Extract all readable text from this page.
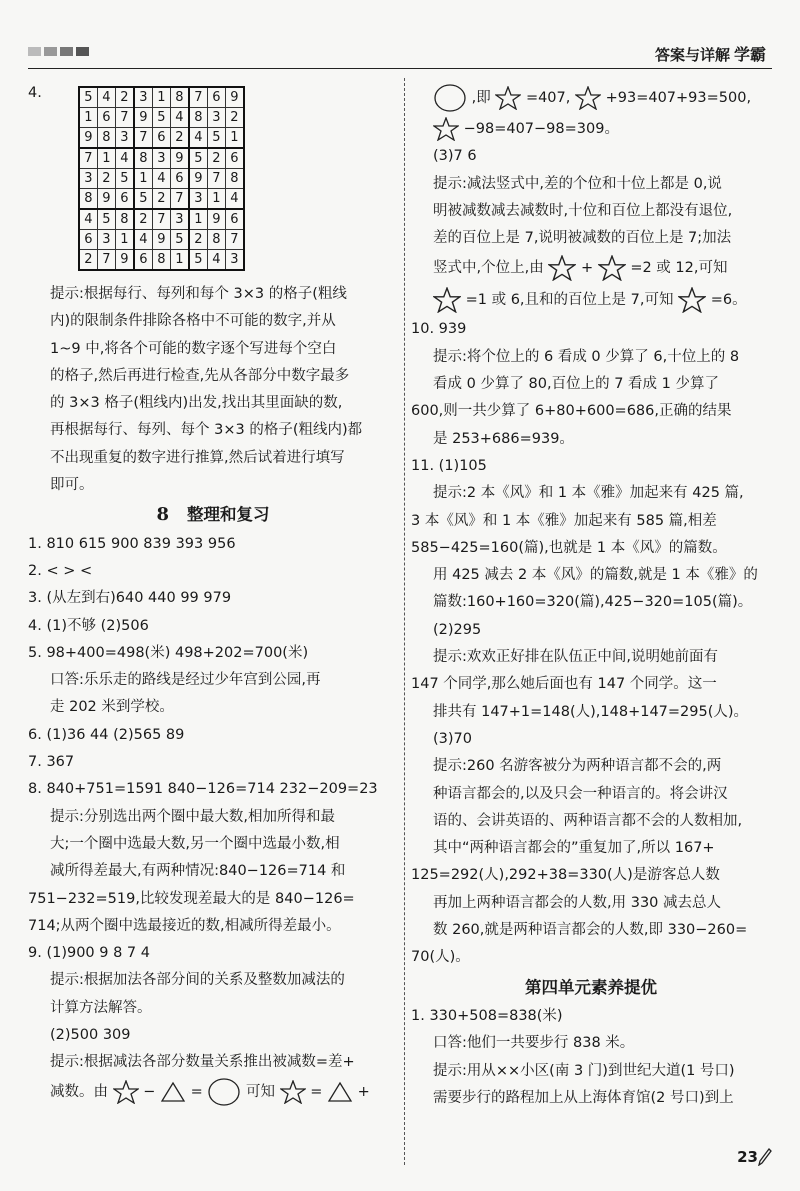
答案与详解 学霸
4.	5	4	2	3	1	8	7	6	9
1	6	7	9	5	4	8	3	2
9	8	3	7	6	2	4	5	1
7	1	4	8	3	9	5	2	6
3	2	5	1	4	6	9	7	8
8	9	6	5	2	7	3	1	4
4	5	8	2	7	3	1	9	6
6	3	1	4	9	5	2	8	7
2	7	9	6	8	1	5	4	3
提示:根据每行、每列和每个 3×3 的格子(粗线
内)的限制条件排除各格中不可能的数字,并从
1~9 中,将各个可能的数字逐个写进每个空白
的格子,然后再进行检查,先从各部分中数字最多
的 3×3 格子(粗线内)出发,找出其里面缺的数,
再根据每行、每列、每个 3×3 的格子(粗线内)都
不出现重复的数字进行推算,然后试着进行填写
即可。
8 整理和复习
1. 810 615 900 839 393 956
2. < > <
3. (从左到右)640 440 99 979
4. (1)不够 (2)506
5. 98+400=498(米) 498+202=700(米)
口答:乐乐走的路线是经过少年宫到公园,再
走 202 米到学校。
6. (1)36 44 (2)565 89
7. 367
8. 840+751=1591 840−126=714 232−209=23
提示:分别选出两个圈中最大数,相加所得和最
大;一个圈中选最大数,另一个圈中选最小数,相
减所得差最大,有两种情况:840−126=714 和
751−232=519,比较发现差最大的是 840−126=
714;从两个圈中选最接近的数,相减所得差最小。
9. (1)900 9 8 7 4
提示:根据加法各部分间的关系及整数加减法的
计算方法解答。
(2)500 309
提示:根据减法各部分数量关系推出被减数=差+
减数。由 − =	可知 = +
,即 =407, +93=407+93=500,
−98=407−98=309。
(3)7 6
提示:减法竖式中,差的个位和十位上都是 0,说
明被减数减去减数时,十位和百位上都没有退位,
差的百位上是 7,说明被减数的百位上是 7;加法
竖式中,个位上,由	+	=2 或 12,可知
=1 或 6,且和的百位上是 7,可知	=6。
10. 939
提示:将个位上的 6 看成 0 少算了 6,十位上的 8
看成 0 少算了 80,百位上的 7 看成 1 少算了
600,则一共少算了 6+80+600=686,正确的结果
是 253+686=939。
11. (1)105
提示:2 本《风》和 1 本《雅》加起来有 425 篇,
3 本《风》和 1 本《雅》加起来有 585 篇,相差
585−425=160(篇),也就是 1 本《风》的篇数。
用 425 减去 2 本《风》的篇数,就是 1 本《雅》的
篇数:160+160=320(篇),425−320=105(篇)。
(2)295
提示:欢欢正好排在队伍正中间,说明她前面有
147 个同学,那么她后面也有 147 个同学。这一
排共有 147+1=148(人),148+147=295(人)。
(3)70
提示:260 名游客被分为两种语言都不会的,两
种语言都会的,以及只会一种语言的。将会讲汉
语的、会讲英语的、两种语言都不会的人数相加,
其中“两种语言都会的”重复加了,所以 167+
125=292(人),292+38=330(人)是游客总人数
再加上两种语言都会的人数,用 330 减去总人
数 260,就是两种语言都会的人数,即 330−260=
70(人)。
第四单元素养提优
1. 330+508=838(米)
口答:他们一共要步行 838 米。
提示:用从××小区(南 3 门)到世纪大道(1 号口)
需要步行的路程加上从上海体育馆(2 号口)到上
23
